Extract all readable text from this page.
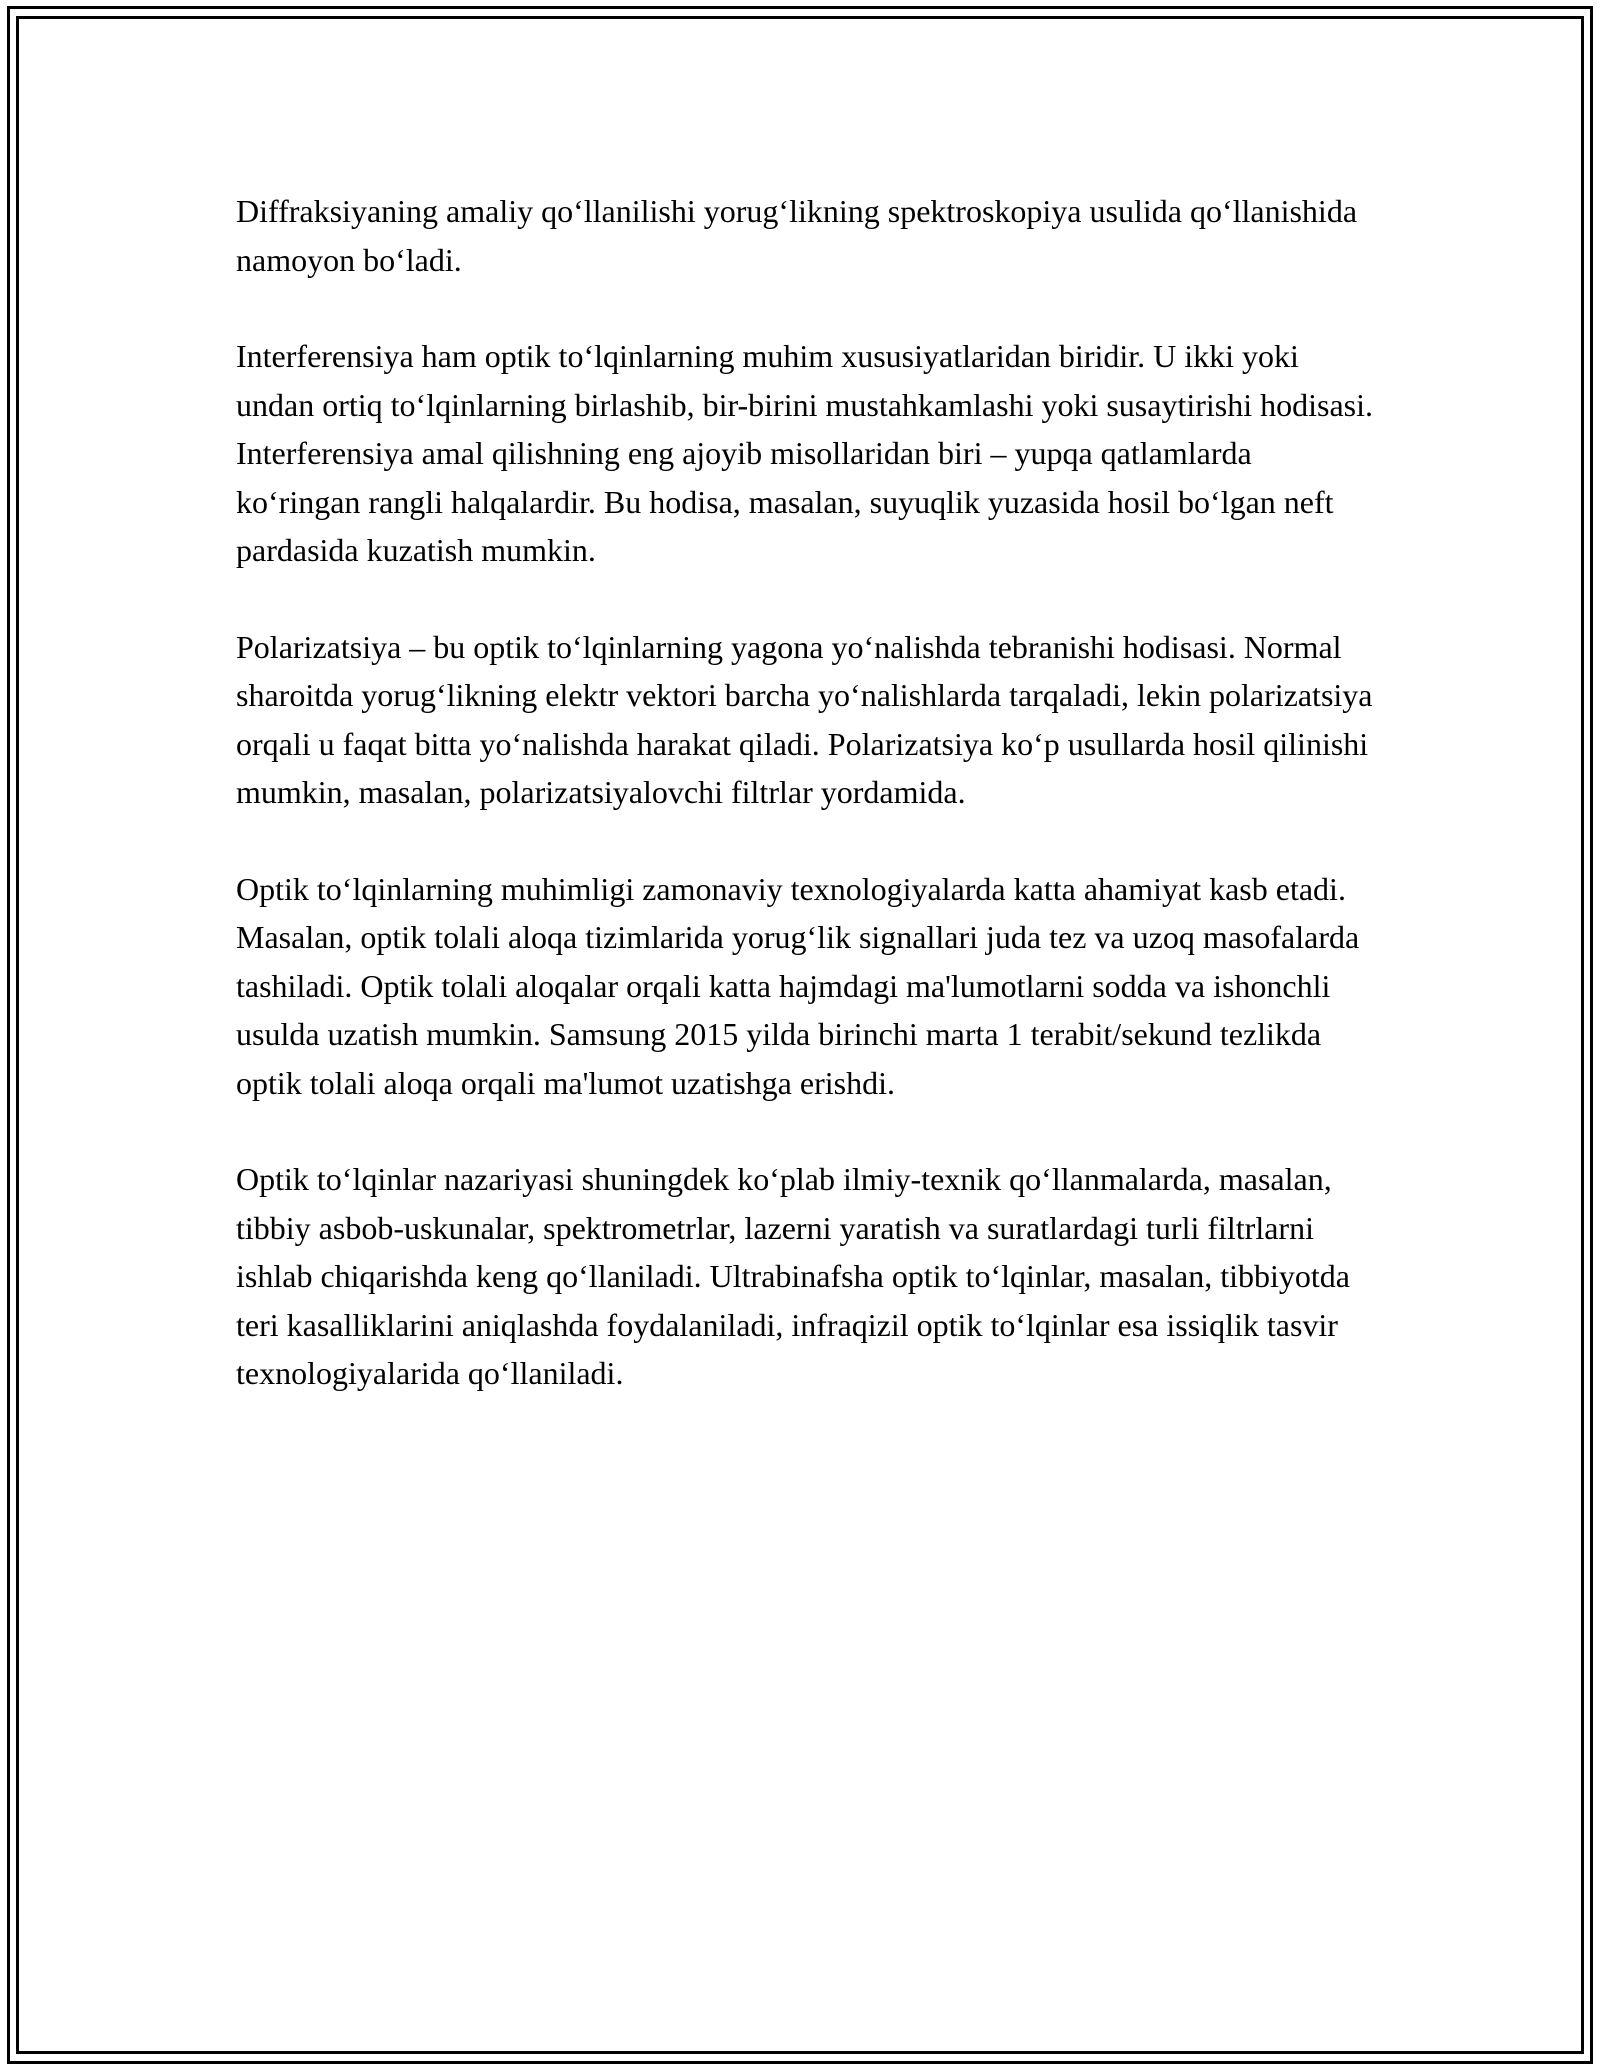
Diffraksiyaning amaliy qo‘llanilishi yorug‘likning spektroskopiya usulida qo‘llanishida namoyon bo‘ladi.

Interferensiya ham optik to‘lqinlarning muhim xususiyatlaridan biridir. U ikki yoki undan ortiq to‘lqinlarning birlashib, bir-birini mustahkamlashi yoki susaytirishi hodisasi. Interferensiya amal qilishning eng ajoyib misollaridan biri – yupqa qatlamlarda ko‘ringan rangli halqalardir. Bu hodisa, masalan, suyuqlik yuzasida hosil bo‘lgan neft pardasida kuzatish mumkin.

Polarizatsiya – bu optik to‘lqinlarning yagona yo‘nalishda tebranishi hodisasi. Normal sharoitda yorug‘likning elektr vektori barcha yo‘nalishlarda tarqaladi, lekin polarizatsiya orqali u faqat bitta yo‘nalishda harakat qiladi. Polarizatsiya ko‘p usullarda hosil qilinishi mumkin, masalan, polarizatsiyalovchi filtrlar yordamida.

Optik to‘lqinlarning muhimligi zamonaviy texnologiyalarda katta ahamiyat kasb etadi. Masalan, optik tolali aloqa tizimlarida yorug‘lik signallari juda tez va uzoq masofalarda tashiladi. Optik tolali aloqalar orqali katta hajmdagi ma'lumotlarni sodda va ishonchli usulda uzatish mumkin. Samsung 2015 yilda birinchi marta 1 terabit/sekund tezlikda optik tolali aloqa orqali ma'lumot uzatishga erishdi.

Optik to‘lqinlar nazariyasi shuningdek ko‘plab ilmiy-texnik qo‘llanmalarda, masalan, tibbiy asbob-uskunalar, spektrometrlar, lazerni yaratish va suratlardagi turli filtrlarni ishlab chiqarishda keng qo‘llaniladi. Ultrabinafsha optik to‘lqinlar, masalan, tibbiyotda teri kasalliklarini aniqlashda foydalaniladi, infraqizil optik to‘lqinlar esa issiqlik tasvir texnologiyalarida qo‘llaniladi.
